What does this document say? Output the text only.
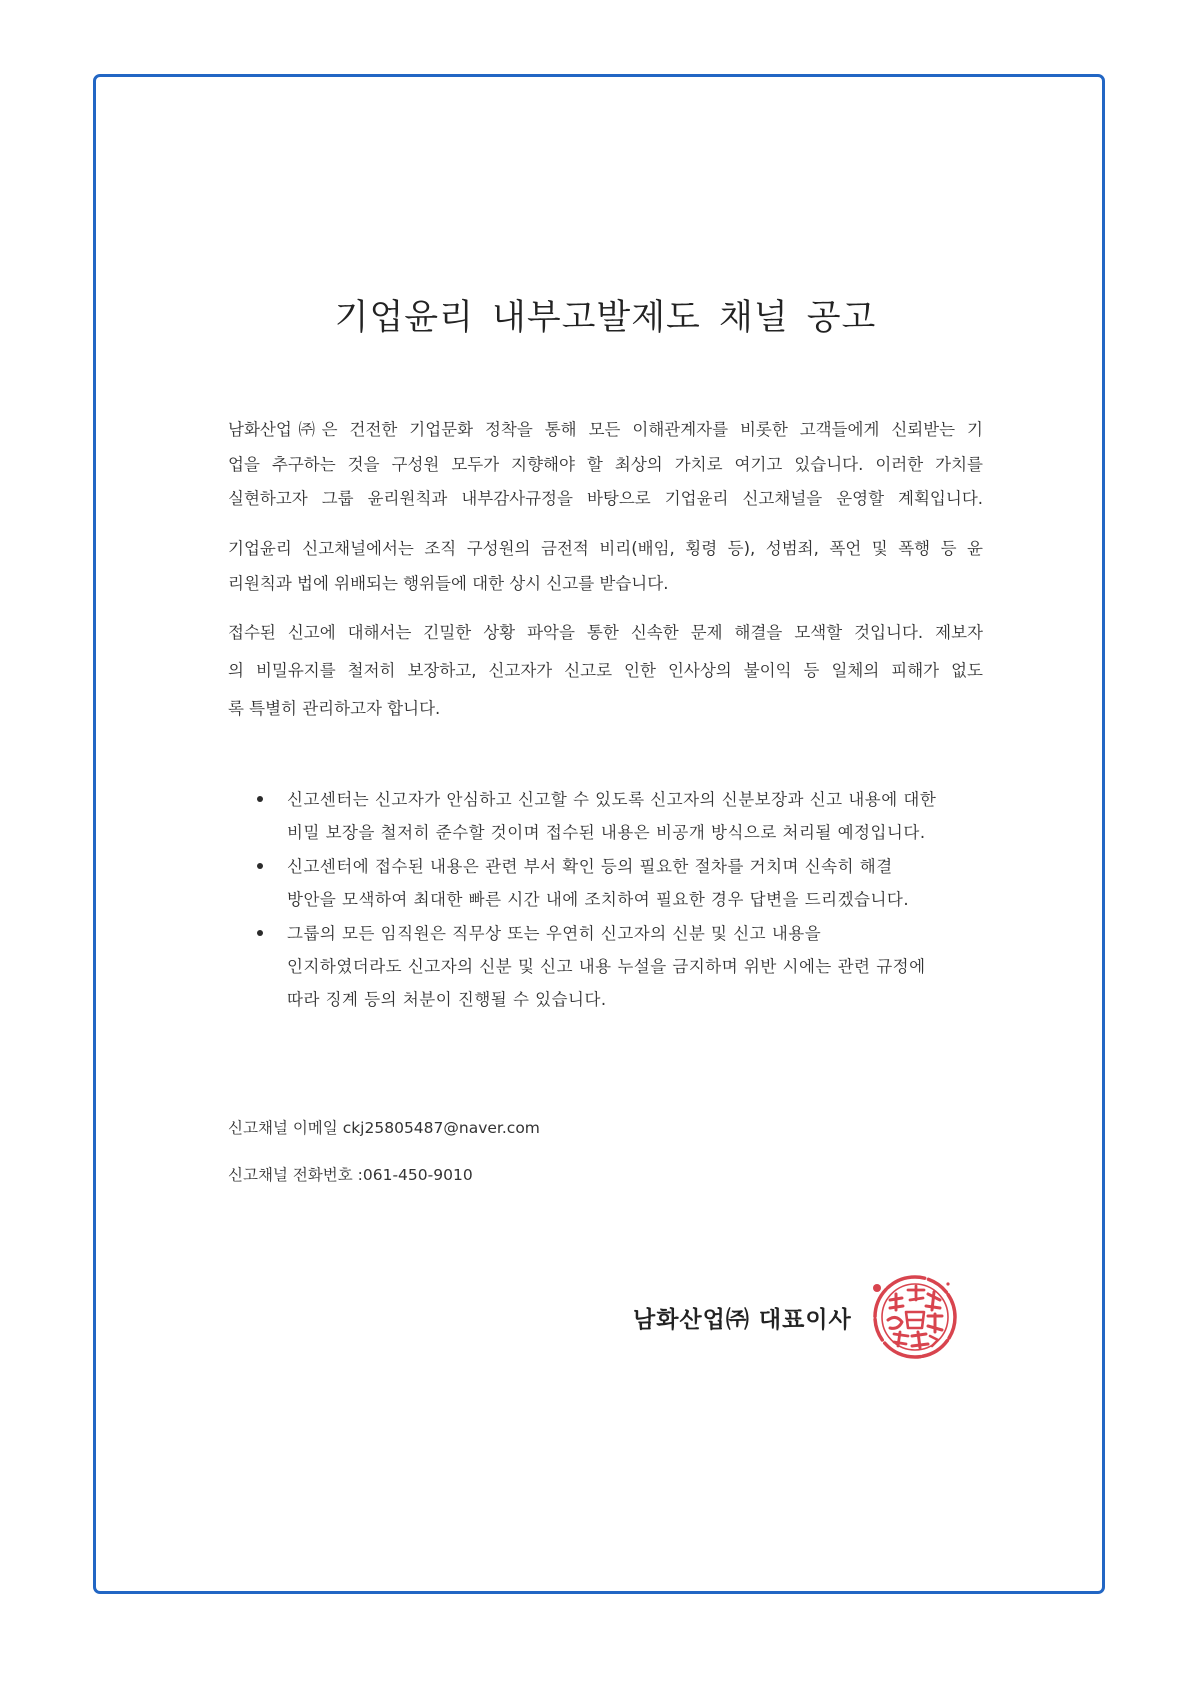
기업윤리 내부고발제도 채널 공고
남화산업㈜은 건전한 기업문화 정착을 통해 모든 이해관계자를 비롯한 고객들에게 신뢰받는 기
업을 추구하는 것을 구성원 모두가 지향해야 할 최상의 가치로 여기고 있습니다. 이러한 가치를
실현하고자 그룹 윤리원칙과 내부감사규정을 바탕으로 기업윤리 신고채널을 운영할 계획입니다.
기업윤리 신고채널에서는 조직 구성원의 금전적 비리(배임, 횡령 등), 성범죄, 폭언 및 폭행 등 윤
리원칙과 법에 위배되는 행위들에 대한 상시 신고를 받습니다.
접수된 신고에 대해서는 긴밀한 상황 파악을 통한 신속한 문제 해결을 모색할 것입니다. 제보자
의 비밀유지를 철저히 보장하고, 신고자가 신고로 인한 인사상의 불이익 등 일체의 피해가 없도
록 특별히 관리하고자 합니다.
신고센터는 신고자가 안심하고 신고할 수 있도록 신고자의 신분보장과 신고 내용에 대한
비밀 보장을 철저히 준수할 것이며 접수된 내용은 비공개 방식으로 처리될 예정입니다.
신고센터에 접수된 내용은 관련 부서 확인 등의 필요한 절차를 거치며 신속히 해결
방안을 모색하여 최대한 빠른 시간 내에 조치하여 필요한 경우 답변을 드리겠습니다.
그룹의 모든 임직원은 직무상 또는 우연히 신고자의 신분 및 신고 내용을
인지하였더라도 신고자의 신분 및 신고 내용 누설을 금지하며 위반 시에는 관련 규정에
따라 징계 등의 처분이 진행될 수 있습니다.
신고채널 이메일 ckj25805487@naver.com
신고채널 전화번호 :061-450-9010
남화산업㈜ 대표이사
